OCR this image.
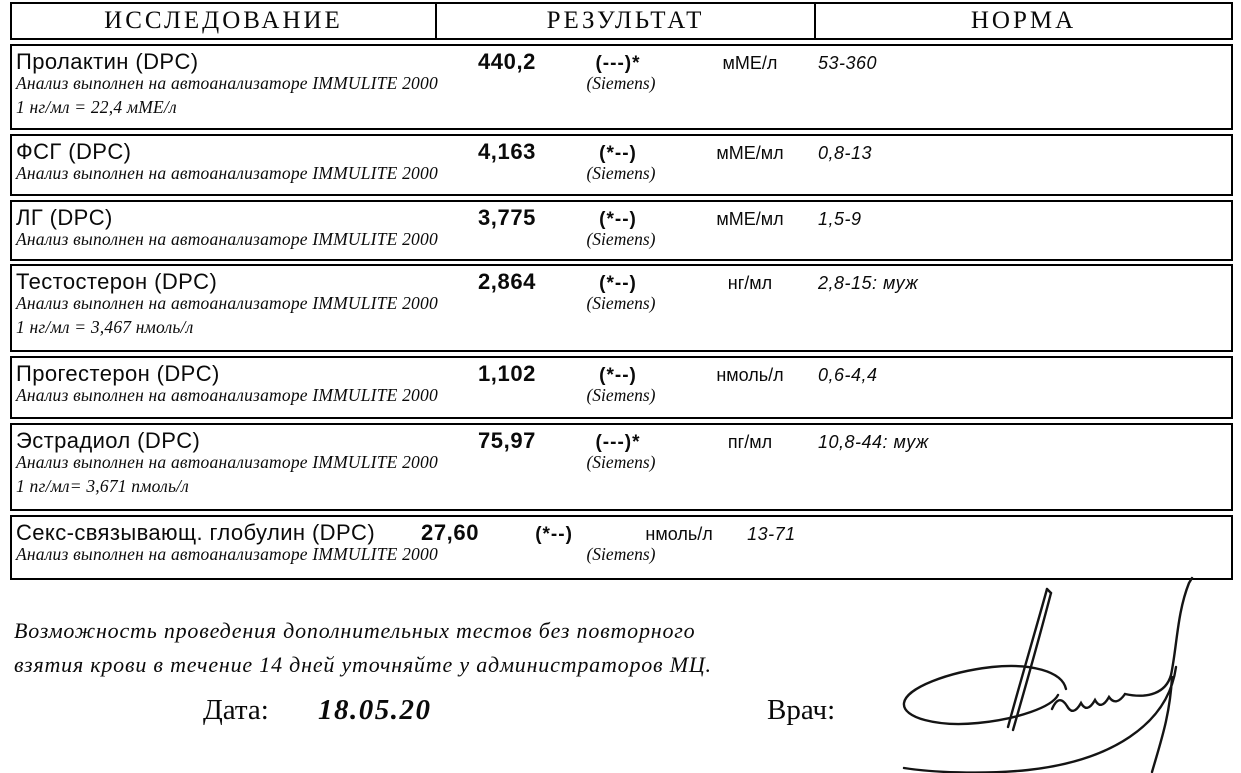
ИССЛЕДОВАНИЕ	РЕЗУЛЬТАТ	НОРМА
Пролактин (DPC)	440,2	(---)*	мМЕ/л	53-360
Анализ выполнен на автоанализаторе IMMULITE 2000	(Siemens)
1 нг/мл = 22,4 мМЕ/л
ФСГ (DPC)	4,163	(*--)	мМЕ/мл	0,8-13
Анализ выполнен на автоанализаторе IMMULITE 2000	(Siemens)
ЛГ (DPC)	3,775	(*--)	мМЕ/мл	1,5-9
Анализ выполнен на автоанализаторе IMMULITE 2000	(Siemens)
Тестостерон (DPC)	2,864	(*--)	нг/мл	2,8-15: муж
Анализ выполнен на автоанализаторе IMMULITE 2000	(Siemens)
1 нг/мл = 3,467 нмоль/л
Прогестерон (DPC)	1,102	(*--)	нмоль/л	0,6-4,4
Анализ выполнен на автоанализаторе IMMULITE 2000	(Siemens)
Эстрадиол (DPC)	75,97	(---)*	пг/мл	10,8-44: муж
Анализ выполнен на автоанализаторе IMMULITE 2000	(Siemens)
1 пг/мл= 3,671 пмоль/л
Секс-связывающ. глобулин (DPC)	27,60	(*--)	нмоль/л	13-71
Анализ выполнен на автоанализаторе IMMULITE 2000	(Siemens)
Возможность проведения дополнительных тестов без повторного
взятия крови в течение 14 дней уточняйте у администраторов МЦ.
Дата: 18.05.20	Врач:
